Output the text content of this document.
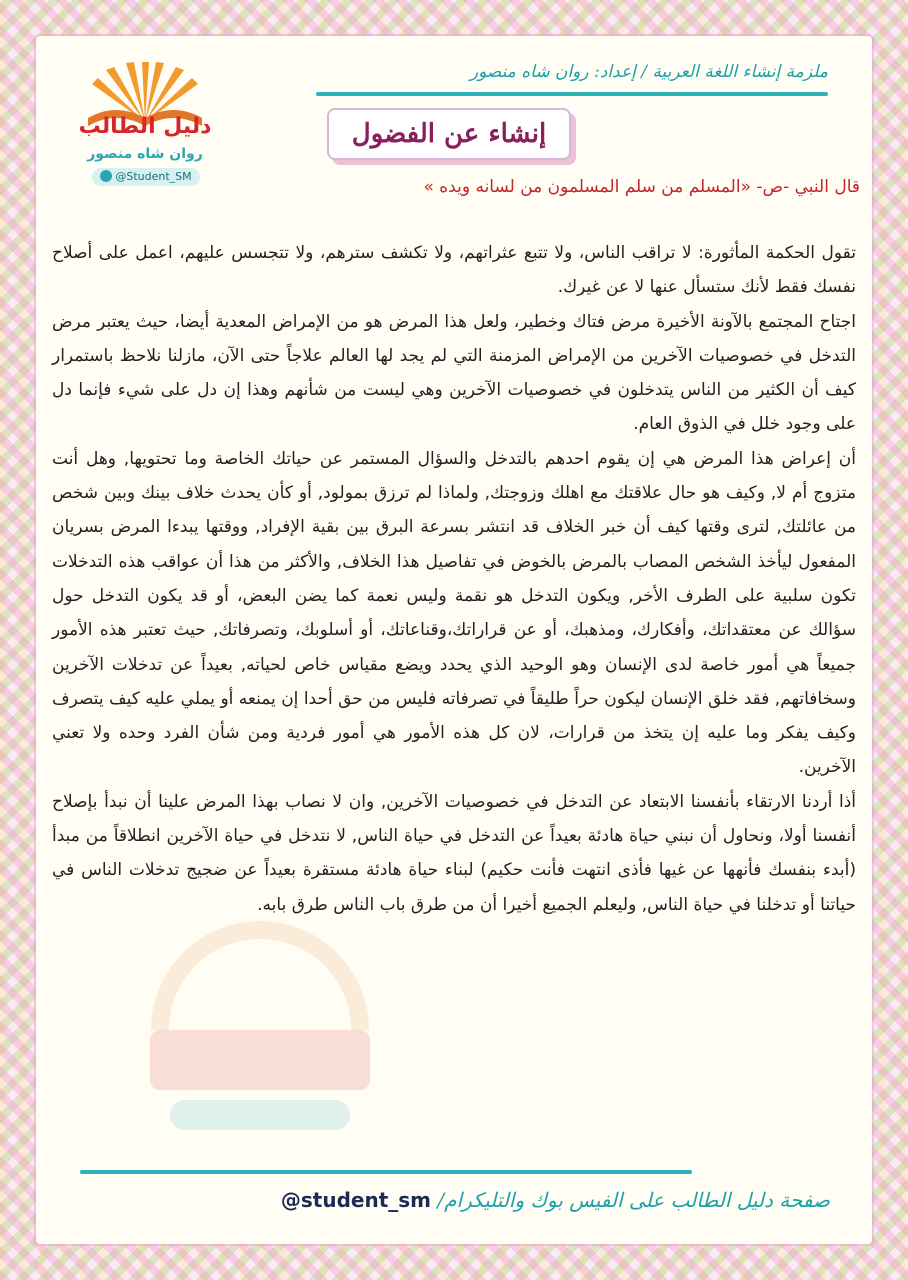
دليل الطالب
روان شاه منصور
@Student_SM
ملزمة إنشاء اللغة العربية / إعداد: روان شاه منصور
إنشاء عن الفضول
قال النبي -ص- «المسلم من سلم المسلمون من لسانه ويده »

تقول الحكمة المأثورة: لا تراقب الناس، ولا تتبع عثراتهم، ولا تكشف سترهم، ولا تتجسس عليهم، اعمل على أصلاح نفسك فقط لأنك ستسأل عنها لا عن غيرك.

اجتاح المجتمع بالآونة الأخيرة مرض فتاك وخطير، ولعل هذا المرض هو من الإمراض المعدية أيضا، حيث يعتبر مرض التدخل في خصوصيات الآخرين من الإمراض المزمنة التي لم يجد لها العالم علاجاً حتى الآن، مازلنا نلاحظ باستمرار كيف أن الكثير من الناس يتدخلون في خصوصيات الآخرين وهي ليست من شأنهم وهذا إن دل على شيء فإنما دل على وجود خلل في الذوق العام.

أن إعراض هذا المرض هي إن يقوم احدهم بالتدخل والسؤال المستمر عن حياتك الخاصة وما تحتويها, وهل أنت متزوج أم لا, وكيف هو حال علاقتك مع اهلك وزوجتك, ولماذا لم ترزق بمولود, أو كأن يحدث خلاف بينك وبين شخص من عائلتك, لترى وقتها كيف أن خبر الخلاف قد انتشر بسرعة البرق بين بقية الإفراد, ووقتها يبدءا المرض بسريان المفعول ليأخذ الشخص المصاب بالمرض بالخوض في تفاصيل هذا الخلاف, والأكثر من هذا أن عواقب هذه التدخلات تكون سلبية على الطرف الأخر, ويكون التدخل هو نقمة وليس نعمة كما يضن البعض، أو قد يكون التدخل حول سؤالك عن معتقداتك، وأفكارك، ومذهبك، أو عن قراراتك،وقناعاتك، أو أسلوبك، وتصرفاتك, حيث تعتبر هذه الأمور جميعاً هي أمور خاصة لدى الإنسان وهو الوحيد الذي يحدد ويضع مقياس خاص لحياته, بعيداً عن تدخلات الآخرين وسخافاتهم, فقد خلق الإنسان ليكون حراً طليقاً في تصرفاته فليس من حق أحدا إن يمنعه أو يملي عليه كيف يتصرف وكيف يفكر وما عليه إن يتخذ من قرارات، لان كل هذه الأمور هي أمور فردية ومن شأن الفرد وحده ولا تعني الآخرين.

أذا أردنا الارتقاء بأنفسنا الابتعاد عن التدخل في خصوصيات الآخرين, وان لا نصاب بهذا المرض علينا أن نبدأ بإصلاح أنفسنا أولا، ونحاول أن نبني حياة هادئة بعيداً عن التدخل في حياة الناس, لا نتدخل في حياة الآخرين انطلاقاً من مبدأ (أبدء بنفسك فأنهها عن غيها فأذى انتهت فأنت حكيم) لبناء حياة هادئة مستقرة بعيداً عن ضجيج تدخلات الناس في حياتنا أو تدخلنا في حياة الناس, وليعلم الجميع أخيرا أن من طرق باب الناس طرق بابه.

صفحة دليل الطالب على الفيس بوك والتليكرام/ @student_sm
